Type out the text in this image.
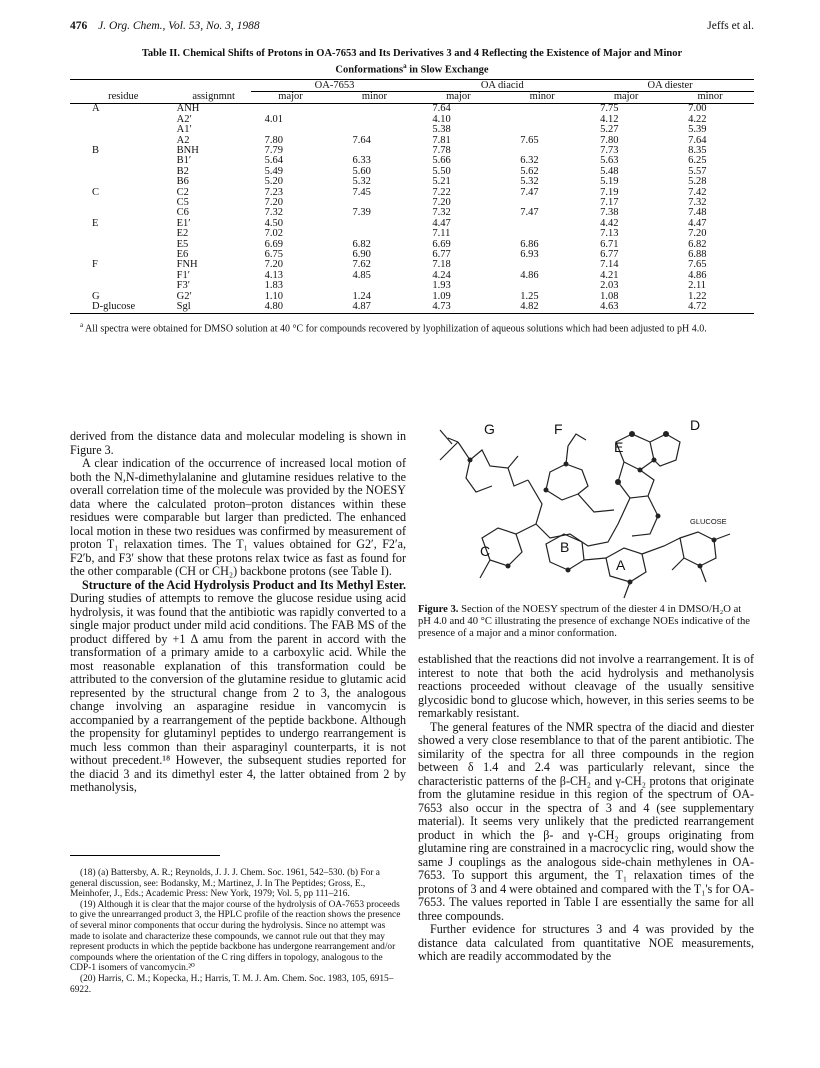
476 J. Org. Chem., Vol. 53, No. 3, 1988	Jeffs et al.
Table II. Chemical Shifts of Protons in OA-7653 and Its Derivatives 3 and 4 Reflecting the Existence of Major and Minor
Conformations$^a$ in Slow Exchange
		OA-7653		OA diacid		OA diester	
residue	assignmnt	major	minor	major	minor	major	minor
A	ANH			7.64		7.75	7.00
	A2′	4.01		4.10		4.12	4.22
	A1′			5.38		5.27	5.39
	A2	7.80	7.64	7.81	7.65	7.80	7.64
B	BNH	7.79		7.78		7.73	8.35
	B1′	5.64	6.33	5.66	6.32	5.63	6.25
	B2	5.49	5.60	5.50	5.62	5.48	5.57
	B6	5.20	5.32	5.21	5.32	5.19	5.28
C	C2	7.23	7.45	7.22	7.47	7.19	7.42
	C5	7.20		7.20		7.17	7.32
	C6	7.32	7.39	7.32	7.47	7.38	7.48
E	E1′	4.50		4.47		4.42	4.47
	E2	7.02		7.11		7.13	7.20
	E5	6.69	6.82	6.69	6.86	6.71	6.82
	E6	6.75	6.90	6.77	6.93	6.77	6.88
F	FNH	7.20	7.62	7.18		7.14	7.65
	F1′	4.13	4.85	4.24	4.86	4.21	4.86
	F3′	1.83		1.93		2.03	2.11
G	G2′	1.10	1.24	1.09	1.25	1.08	1.22
D-glucose	Sgl	4.80	4.87	4.73	4.82	4.63	4.72
$^a$ All spectra were obtained for DMSO solution at 40 °C for compounds recovered by lyophilization of aqueous solutions which had been adjusted to pH 4.0.

derived from the distance data and molecular modeling is shown in Figure 3.

A clear indication of the occurrence of increased local motion of both the N,N-dimethylalanine and glutamine residues relative to the overall correlation time of the molecule was provided by the NOESY data where the calculated proton–proton distances within these residues were comparable but larger than predicted. The enhanced local motion in these two residues was confirmed by measurement of proton T₁ relaxation times. The T₁ values obtained for G2′, F2′a, F2′b, and F3′ show that these protons relax twice as fast as found for the other comparable (CH or CH₂) backbone protons (see Table I).

Structure of the Acid Hydrolysis Product and Its Methyl Ester. During studies of attempts to remove the glucose residue using acid hydrolysis, it was found that the antibiotic was rapidly converted to a single major product under mild acid conditions. The FAB MS of the product differed by +1 Δ amu from the parent in accord with the transformation of a primary amide to a carboxylic acid. While the most reasonable explanation of this transformation could be attributed to the conversion of the glutamine residue to glutamic acid represented by the structural change from 2 to 3, the analogous change involving an asparagine residue in vancomycin is accompanied by a rearrangement of the peptide backbone. Although the propensity for glutaminyl peptides to undergo rearrangement is much less common than their asparaginyl counterparts, it is not without precedent.¹⁸ However, the subsequent studies reported for the diacid 3 and its dimethyl ester 4, the latter obtained from 2 by methanolysis,

G	F	D
E
GLUCOSE
C	B
A
Figure 3. Section of the NOESY spectrum of the diester 4 in DMSO/H₂O at pH 4.0 and 40 °C illustrating the presence of exchange NOEs indicative of the presence of a major and a minor conformation.

established that the reactions did not involve a rearrangement. It is of interest to note that both the acid hydrolysis and methanolysis reactions proceeded without cleavage of the usually sensitive glycosidic bond to glucose which, however, in this series seems to be remarkably resistant.

The general features of the NMR spectra of the diacid and diester showed a very close resemblance to that of the parent antibiotic. The similarity of the spectra for all three compounds in the region between δ 1.4 and 2.4 was particularly relevant, since the characteristic patterns of the β-CH₂ and γ-CH₂ protons that originate from the glutamine residue in this region of the spectrum of OA-7653 also occur in the spectra of 3 and 4 (see supplementary material). It seems very unlikely that the predicted rearrangement product in which the β- and γ-CH₂ groups originating from glutamine ring are constrained in a macrocyclic ring, would show the same J couplings as the analogous side-chain methylenes in OA-7653. To support this argument, the T₁ relaxation times of the protons of 3 and 4 were obtained and compared with the T₁'s for OA-7653. The values reported in Table I are essentially the same for all three compounds.

Further evidence for structures 3 and 4 was provided by the distance data calculated from quantitative NOE measurements, which are readily accommodated by the

(18) (a) Battersby, A. R.; Reynolds, J. J. J. Chem. Soc. 1961, 542–530. (b) For a general discussion, see: Bodansky, M.; Martinez, J. In The Peptides; Gross, E., Meinhofer, J., Eds.; Academic Press: New York, 1979; Vol. 5, pp 111–216.

(19) Although it is clear that the major course of the hydrolysis of OA-7653 proceeds to give the unrearranged product 3, the HPLC profile of the reaction shows the presence of several minor components that occur during the hydrolysis. Since no attempt was made to isolate and characterize these compounds, we cannot rule out that they may represent products in which the peptide backbone has undergone rearrangement and/or compounds where the orientation of the C ring differs in topology, analogous to the CDP-1 isomers of vancomycin.²⁰

(20) Harris, C. M.; Kopecka, H.; Harris, T. M. J. Am. Chem. Soc. 1983, 105, 6915–6922.
